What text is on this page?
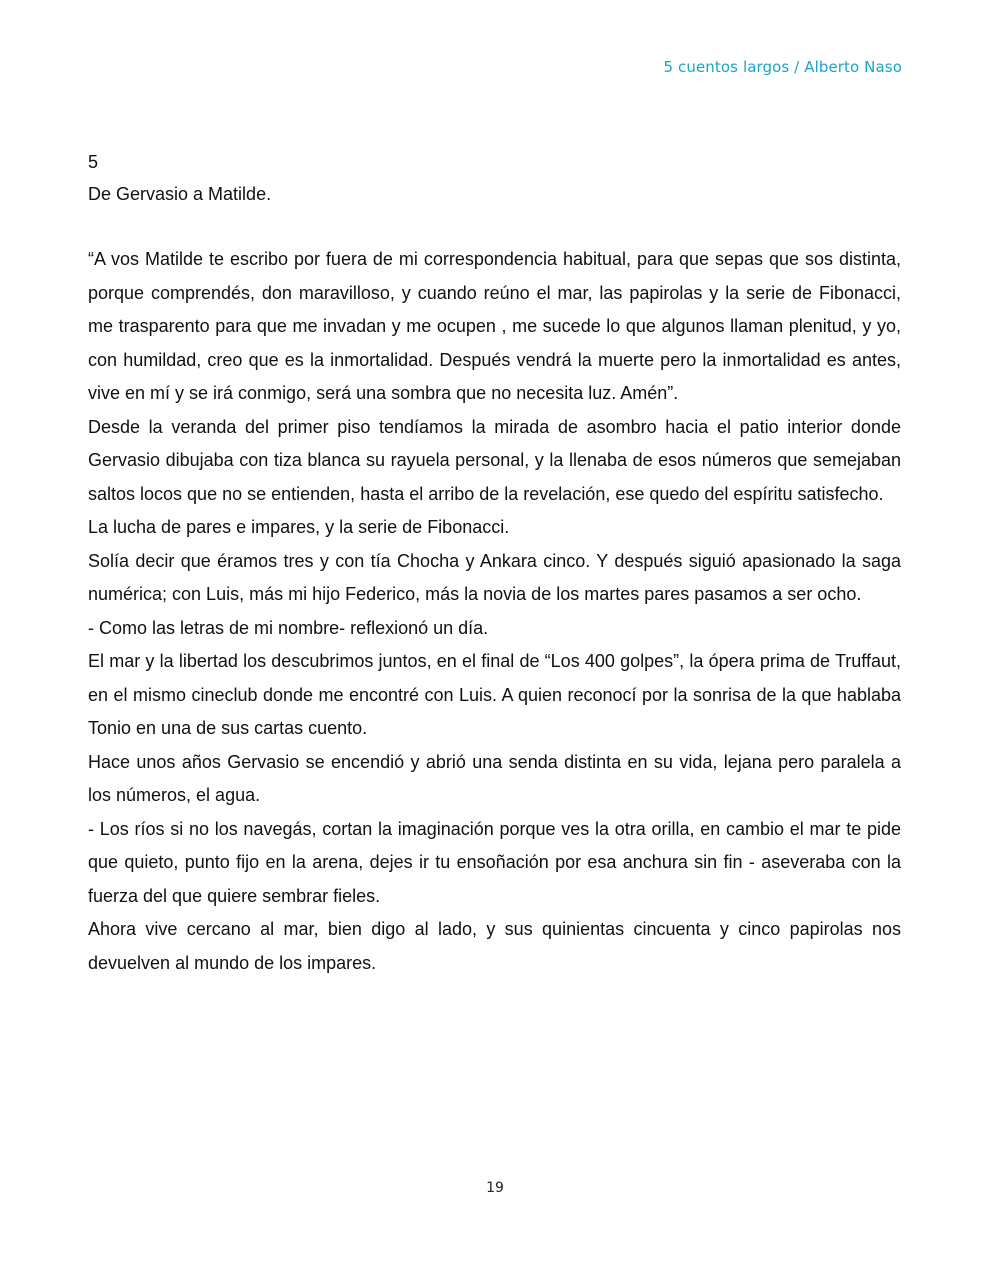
5 cuentos largos / Alberto Naso

5

De Gervasio a Matilde.

“A vos Matilde te escribo por fuera de mi correspondencia habitual, para que sepas que sos distinta, porque comprendés, don maravilloso, y cuando reúno el mar, las papirolas y la serie de Fibonacci, me trasparento para que me invadan y me ocupen , me sucede lo que algunos llaman plenitud, y yo, con humildad, creo que es la inmortalidad. Después vendrá la muerte pero la inmortalidad es antes, vive en mí y se irá conmigo, será una sombra que no necesita luz. Amén”.

Desde la veranda del primer piso tendíamos la mirada de asombro hacia el patio interior donde Gervasio dibujaba con tiza blanca su rayuela personal, y la llenaba de esos números que semejaban saltos locos que no se entienden, hasta el arribo de la revelación, ese quedo del espíritu satisfecho.

La lucha de pares e impares, y la serie de Fibonacci.

Solía decir que éramos tres y con tía Chocha y Ankara cinco. Y después siguió apasionado la saga numérica; con Luis, más mi hijo Federico, más la novia de los martes pares pasamos a ser ocho.

- Como las letras de mi nombre- reflexionó un día.

El mar y la libertad los descubrimos juntos, en el final de “Los 400 golpes”, la ópera prima de Truffaut, en el mismo cineclub donde me encontré con Luis. A quien reconocí por la sonrisa de la que hablaba Tonio en una de sus cartas cuento.

Hace unos años Gervasio se encendió y abrió una senda distinta en su vida, lejana pero paralela a los números, el agua.

- Los ríos si no los navegás, cortan la imaginación porque ves la otra orilla, en cambio el mar te pide que quieto, punto fijo en la arena, dejes ir tu ensoñación por esa anchura sin fin - aseveraba con la fuerza del que quiere sembrar fieles.

Ahora vive cercano al mar, bien digo al lado, y sus quinientas cincuenta y cinco papirolas nos devuelven al mundo de los impares.

19
